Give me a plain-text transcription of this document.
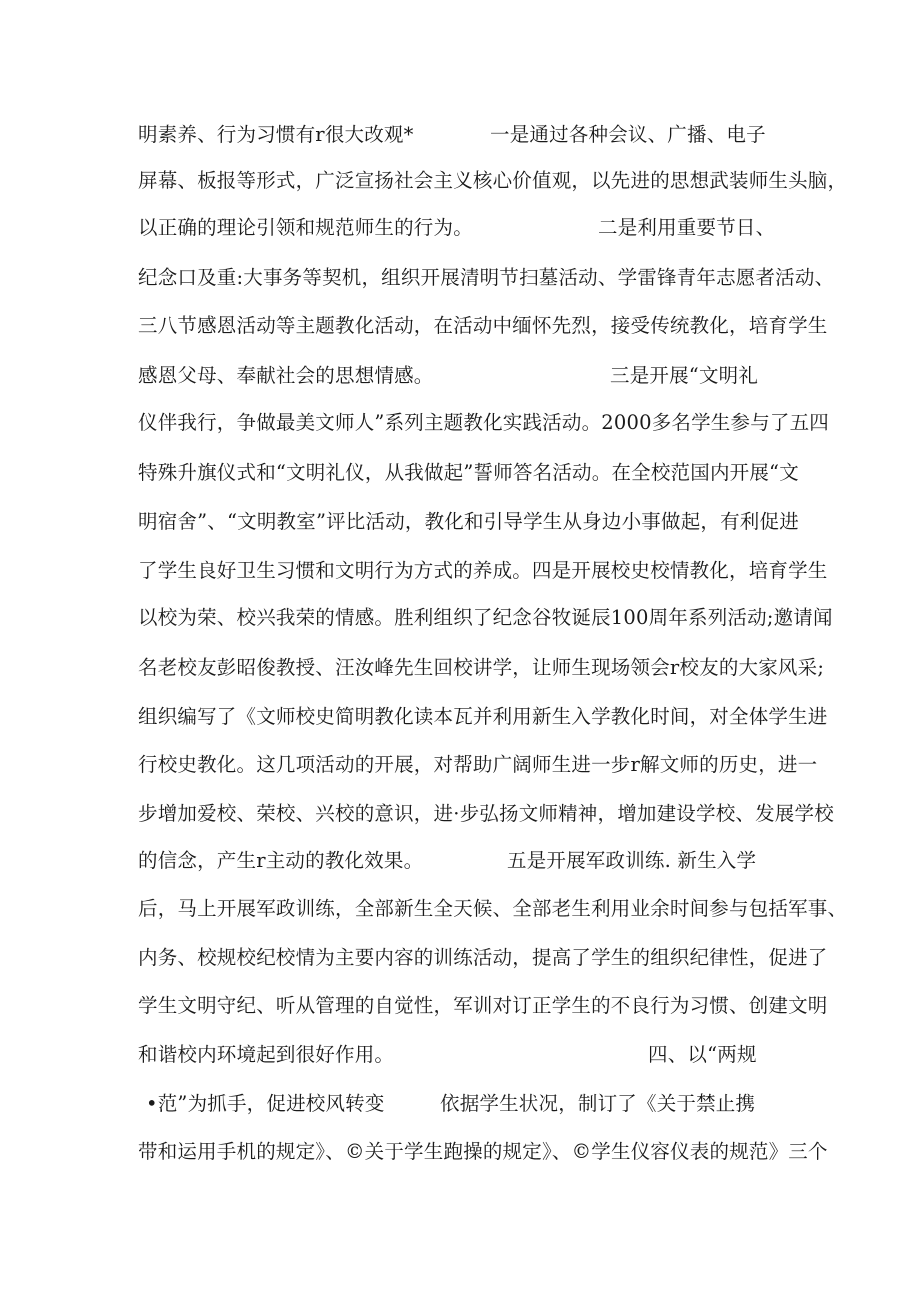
明素养、行为习惯有r很大改观*	一是通过各种会议、广播、电子
屏幕、板报等形式，广泛宣扬社会主义核心价值观，以先进的思想武装师生头脑，
以正确的理论引领和规范师生的行为。	二是利用重要节日、
纪念口及重:大事务等契机，组织开展清明节扫墓活动、学雷锋青年志愿者活动、
三八节感恩活动等主题教化活动，在活动中缅怀先烈，接受传统教化，培育学生
感恩父母、奉献社会的思想情感。	三是开展“文明礼
仪伴我行，争做最美文师人”系列主题教化实践活动。2000多名学生参与了五四
特殊升旗仪式和“文明礼仪，从我做起”誓师答名活动。在全校范国内开展“文
明宿舍”、“文明教室”评比活动，教化和引导学生从身边小事做起，有利促进
了学生良好卫生习惯和文明行为方式的养成。四是开展校史校情教化，培育学生
以校为荣、校兴我荣的情感。胜利组织了纪念谷牧诞辰100周年系列活动;邀请闻
名老校友彭昭俊教授、汪汝峰先生回校讲学，让师生现场领会r校友的大家风采;
组织编写了《文师校史简明教化读本瓦并利用新生入学教化时间，对全体学生进
行校史教化。这几项活动的开展，对帮助广阔师生进一步r解文师的历史，进一
步增加爱校、荣校、兴校的意识，进·步弘扬文师精神，增加建设学校、发展学校
的信念，产生r主动的教化效果。	五是开展军政训练. 新生入学
后，马上开展军政训练，全部新生全天候、全部老生利用业余时间参与包括军事、
内务、校规校纪校情为主要内容的训练活动，提高了学生的组织纪律性，促进了
学生文明守纪、听从管理的自觉性，军训对订正学生的不良行为习惯、创建文明
和谐校内环境起到很好作用。	四、以“两规
•范”为抓手，促进校风转变	依据学生状况，制订了《关于禁止携
带和运用手机的规定》、©关于学生跑操的规定》、©学生仪容仪表的规范》三个
